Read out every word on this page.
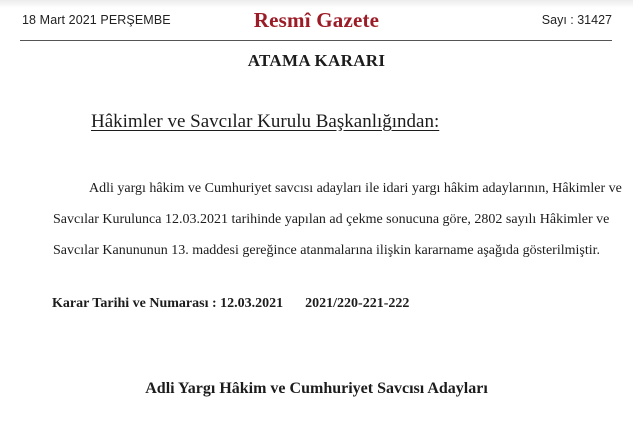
18 Mart 2021 PERŞEMBE	Resmî Gazete	Sayı : 31427
ATAMA KARARI
Hâkimler ve Savcılar Kurulu Başkanlığından:

Adli yargı hâkim ve Cumhuriyet savcısı adayları ile idari yargı hâkim adaylarının, Hâkimler ve
Savcılar Kurulunca 12.03.2021 tarihinde yapılan ad çekme sonucuna göre, 2802 sayılı Hâkimler ve
Savcılar Kanununun 13. maddesi gereğince atanmalarına ilişkin kararname aşağıda gösterilmiştir.

Karar Tarihi ve Numarası : 12.03.2021 2021/220-221-222
Adli Yargı Hâkim ve Cumhuriyet Savcısı Adayları
